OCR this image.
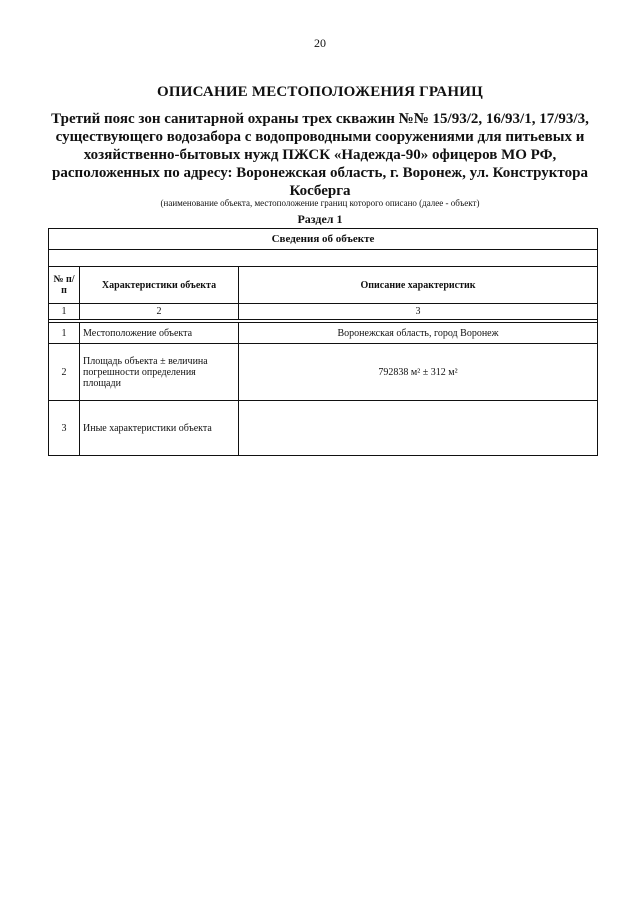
20
ОПИСАНИЕ МЕСТОПОЛОЖЕНИЯ ГРАНИЦ
Третий пояс зон санитарной охраны трех скважин №№ 15/93/2, 16/93/1, 17/93/3, существующего водозабора с водопроводными сооружениями для питьевых и хозяйственно-бытовых нужд ПЖСК «Надежда-90» офицеров МО РФ, расположенных по адресу: Воронежская область, г. Воронеж, ул. Конструктора Косберга
(наименование объекта, местоположение границ которого описано (далее - объект)
Раздел 1
Сведения об объекте		

№ п/п	Характеристики объекта	Описание характеристик
1	2	3

1	Местоположение объекта	Воронежская область, город Воронеж
2	Площадь объекта ± величина погрешности определения площади	792838 м² ± 312 м²
3	Иные характеристики объекта	
